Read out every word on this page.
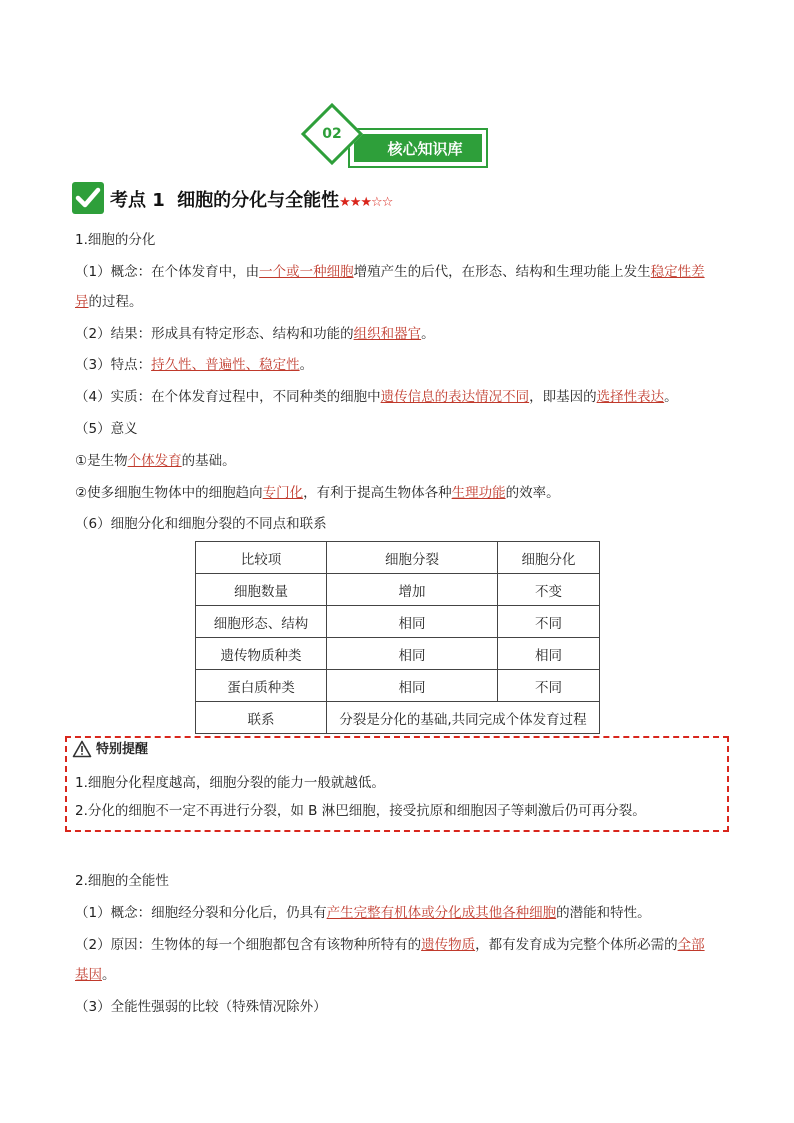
核心知识库
02
考点 1 细胞的分化与全能性★★★☆☆
1.细胞的分化
（1）概念：在个体发育中，由一个或一种细胞增殖产生的后代，在形态、结构和生理功能上发生稳定性差
异的过程。
（2）结果：形成具有特定形态、结构和功能的组织和器官。
（3）特点：持久性、普遍性、稳定性。
（4）实质：在个体发育过程中，不同种类的细胞中遗传信息的表达情况不同，即基因的选择性表达。
（5）意义
①是生物个体发育的基础。
②使多细胞生物体中的细胞趋向专门化，有利于提高生物体各种生理功能的效率。
（6）细胞分化和细胞分裂的不同点和联系
比较项	细胞分裂	细胞分化
细胞数量	增加	不变
细胞形态、结构	相同	不同
遗传物质种类	相同	相同
蛋白质种类	相同	不同
联系	分裂是分化的基础,共同完成个体发育过程	
特别提醒
1.细胞分化程度越高，细胞分裂的能力一般就越低。
2.分化的细胞不一定不再进行分裂，如 B 淋巴细胞，接受抗原和细胞因子等刺激后仍可再分裂。
2.细胞的全能性
（1）概念：细胞经分裂和分化后，仍具有产生完整有机体或分化成其他各种细胞的潜能和特性。
（2）原因：生物体的每一个细胞都包含有该物种所特有的遗传物质，都有发育成为完整个体所必需的全部
基因。
（3）全能性强弱的比较（特殊情况除外）
